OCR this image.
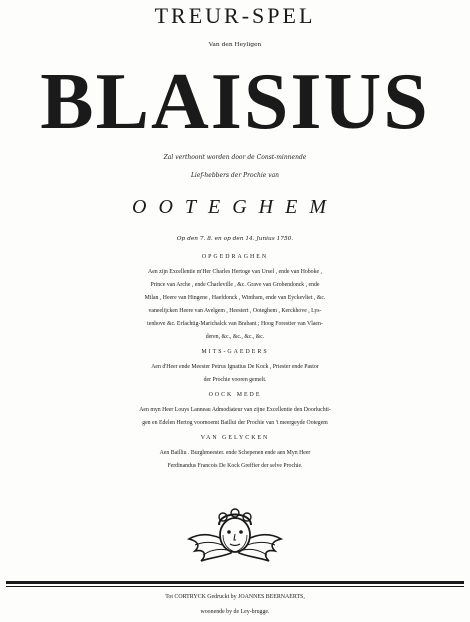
TREUR-SPEL

Van den Heyligen

BLAISIUS

Zal verthoont worden door de Const-minnende

Lief-hebbers der Prochie van

OOTEGHEM

Op den 7. 8. en op den 14. Junius 1750.

OPGEDRAGHEN

Aen zijn Excellentie m'Her Charles Hertoge van Ursel , ende van Hoboke ,

Prince van Arche , ende Charleville , &c. Grave van Grobendonck , ende

Milan , Heere van Hingene , Haefdonck , Winthsm, ende van Eyckevliet , &c.

vaneelijcken Heere van Avelgem , Heestert , Ooteghem , Kerckhove , Lys-

tenhove &c. Erfachtig-Marichalck van Brabant ; Hoog Forestier van Vlaen-

deren, &c., &c., &c., &c.

MITS-GAEDERS

Aen d'Heer ende Meester Petrus Ignatius De Kock , Priester ende Pastor

der Prochie vooren gemelt.

OOCK MEDE

Aen myn Heer Louys Lanneau Admodiateur van zijne Excellentie den Doorluchti-

gen en Edelen Hertog voornoemt Baillui der Prochie van 't meergeyde Ootegem

VAN GELYCKEN

Aen Bailliu . Burghmeester. ende Schepenen ende aen Myn Heer

Ferdinandus Francois De Kock Greffier der selve Prochie.

Tot CORTRYCK Gedruckt by JOANNES BEERNAERTS,

woonende by de Ley-brugge.
